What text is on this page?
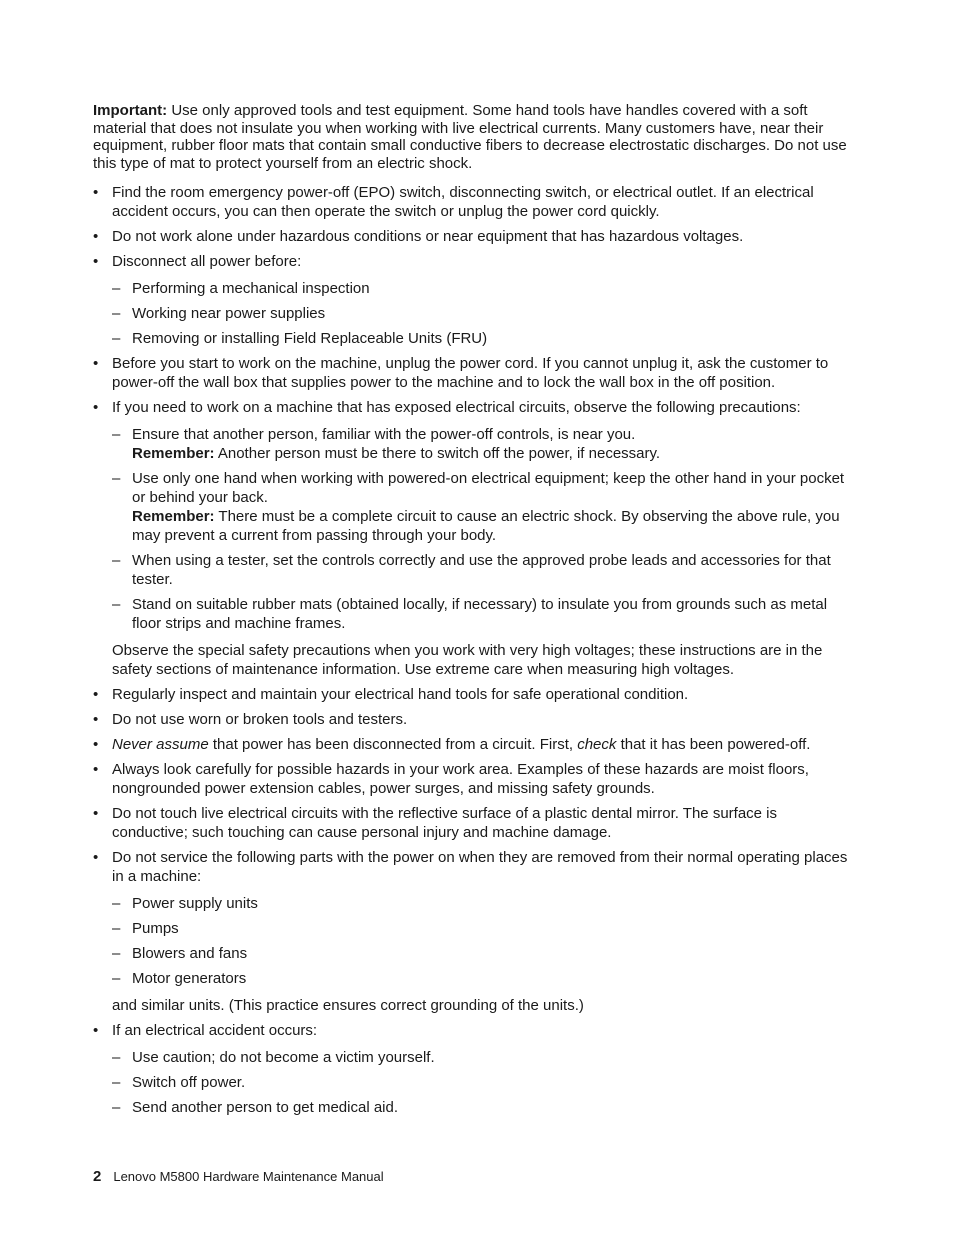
Important: Use only approved tools and test equipment. Some hand tools have handles covered with a soft material that does not insulate you when working with live electrical currents. Many customers have, near their equipment, rubber floor mats that contain small conductive fibers to decrease electrostatic discharges. Do not use this type of mat to protect yourself from an electric shock.

• Find the room emergency power-off (EPO) switch, disconnecting switch, or electrical outlet. If an electrical accident occurs, you can then operate the switch or unplug the power cord quickly.
• Do not work alone under hazardous conditions or near equipment that has hazardous voltages.
• Disconnect all power before:
– Performing a mechanical inspection
– Working near power supplies
– Removing or installing Field Replaceable Units (FRU)
• Before you start to work on the machine, unplug the power cord. If you cannot unplug it, ask the customer to power-off the wall box that supplies power to the machine and to lock the wall box in the off position.
• If you need to work on a machine that has exposed electrical circuits, observe the following precautions:
– Ensure that another person, familiar with the power-off controls, is near you.
Remember: Another person must be there to switch off the power, if necessary.
– Use only one hand when working with powered-on electrical equipment; keep the other hand in your pocket or behind your back.
Remember: There must be a complete circuit to cause an electric shock. By observing the above rule, you may prevent a current from passing through your body.
– When using a tester, set the controls correctly and use the approved probe leads and accessories for that tester.
– Stand on suitable rubber mats (obtained locally, if necessary) to insulate you from grounds such as metal floor strips and machine frames.

Observe the special safety precautions when you work with very high voltages; these instructions are in the safety sections of maintenance information. Use extreme care when measuring high voltages.

• Regularly inspect and maintain your electrical hand tools for safe operational condition.
• Do not use worn or broken tools and testers.
• Never assume that power has been disconnected from a circuit. First, check that it has been powered-off.
• Always look carefully for possible hazards in your work area. Examples of these hazards are moist floors, nongrounded power extension cables, power surges, and missing safety grounds.
• Do not touch live electrical circuits with the reflective surface of a plastic dental mirror. The surface is conductive; such touching can cause personal injury and machine damage.
• Do not service the following parts with the power on when they are removed from their normal operating places in a machine:
– Power supply units
– Pumps
– Blowers and fans
– Motor generators

and similar units. (This practice ensures correct grounding of the units.)

• If an electrical accident occurs:
– Use caution; do not become a victim yourself.
– Switch off power.
– Send another person to get medical aid.
2 Lenovo M5800 Hardware Maintenance Manual
